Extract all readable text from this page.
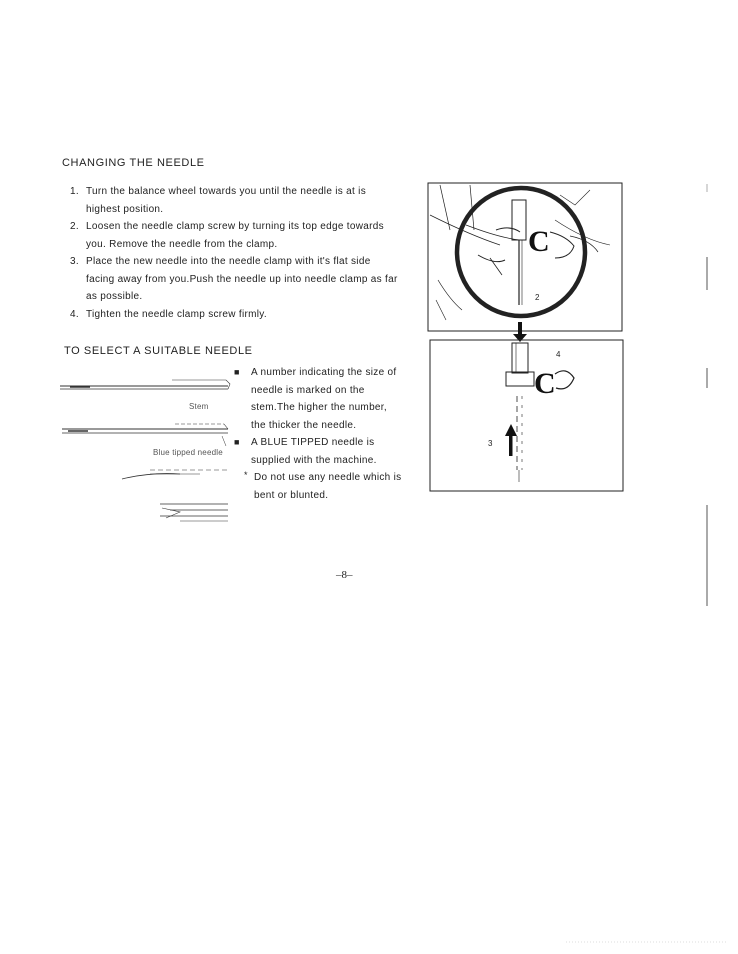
CHANGING THE NEEDLE
1. Turn the balance wheel towards you until the needle is at is highest position.
2. Loosen the needle clamp screw by turning its top edge towards you. Remove the needle from the clamp.
3. Place the new needle into the needle clamp with it's flat side facing away from you.Push the needle up into needle clamp as far as possible.
4. Tighten the needle clamp screw firmly.
TO SELECT A SUITABLE NEEDLE
■ A number indicating the size of needle is marked on the stem.The higher the number, the thicker the needle.
■ A BLUE TIPPED needle is supplied with the machine.
* Do not use any needle which is bent or blunted.
Stem
Blue tipped needle
C
C
2
4
3
–8–
